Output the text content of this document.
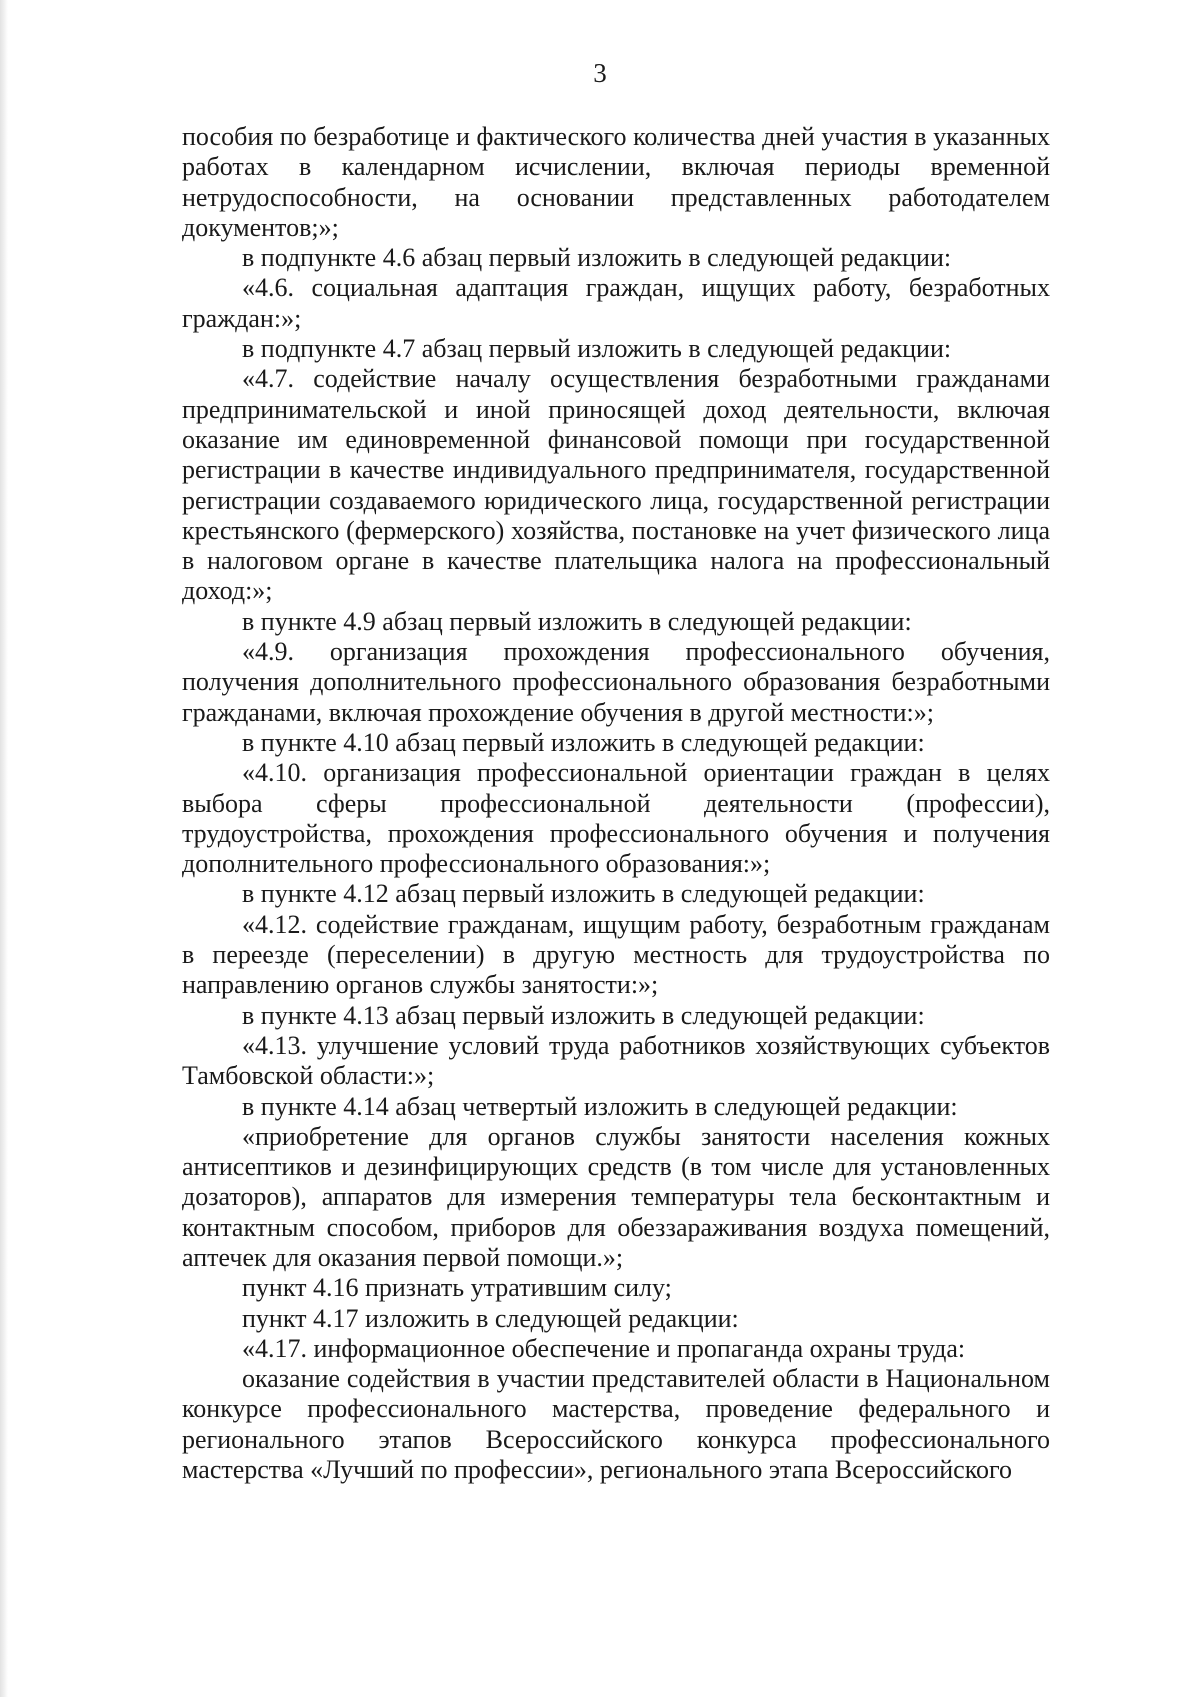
3

пособия по безработице и фактического количества дней участия в указанных работах в календарном исчислении, включая периоды временной нетрудоспособности, на основании представленных работодателем документов;»;

в подпункте 4.6 абзац первый изложить в следующей редакции:

«4.6. социальная адаптация граждан, ищущих работу, безработных граждан:»;

в подпункте 4.7 абзац первый изложить в следующей редакции:

«4.7. содействие началу осуществления безработными гражданами предпринимательской и иной приносящей доход деятельности, включая оказание им единовременной финансовой помощи при государственной регистрации в качестве индивидуального предпринимателя, государственной регистрации создаваемого юридического лица, государственной регистрации крестьянского (фермерского) хозяйства, постановке на учет физического лица в налоговом органе в качестве плательщика налога на профессиональный доход:»;

в пункте 4.9 абзац первый изложить в следующей редакции:

«4.9. организация прохождения профессионального обучения, получения дополнительного профессионального образования безработными гражданами, включая прохождение обучения в другой местности:»;

в пункте 4.10 абзац первый изложить в следующей редакции:

«4.10. организация профессиональной ориентации граждан в целях выбора сферы профессиональной деятельности (профессии), трудоустройства, прохождения профессионального обучения и получения дополнительного профессионального образования:»;

в пункте 4.12 абзац первый изложить в следующей редакции:

«4.12. содействие гражданам, ищущим работу, безработным гражданам в переезде (переселении) в другую местность для трудоустройства по направлению органов службы занятости:»;

в пункте 4.13 абзац первый изложить в следующей редакции:

«4.13. улучшение условий труда работников хозяйствующих субъектов Тамбовской области:»;

в пункте 4.14 абзац четвертый изложить в следующей редакции:

«приобретение для органов службы занятости населения кожных антисептиков и дезинфицирующих средств (в том числе для установленных дозаторов), аппаратов для измерения температуры тела бесконтактным и контактным способом, приборов для обеззараживания воздуха помещений, аптечек для оказания первой помощи.»;

пункт 4.16 признать утратившим силу;

пункт 4.17 изложить в следующей редакции:

«4.17. информационное обеспечение и пропаганда охраны труда:

оказание содействия в участии представителей области в Национальном конкурсе профессионального мастерства, проведение федерального и регионального этапов Всероссийского конкурса профессионального мастерства «Лучший по профессии», регионального этапа Всероссийского
